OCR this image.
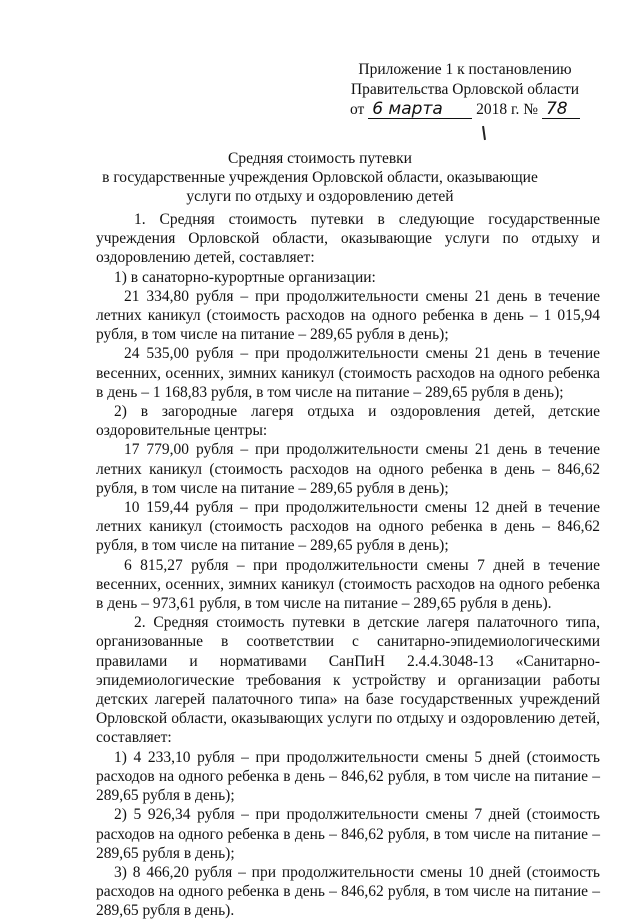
Приложение 1 к постановлению
Правительства Орловской области
от 6 марта 2018 г. № 78
Средняя стоимость путевки
в государственные учреждения Орловской области, оказывающие
услуги по отдыху и оздоровлению детей

1. Средняя стоимость путевки в следующие государственные учреждения Орловской области, оказывающие услуги по отдыху и оздоровлению детей, составляет:

1) в санаторно-курортные организации:

21 334,80 рубля – при продолжительности смены 21 день в течение летних каникул (стоимость расходов на одного ребенка в день – 1 015,94 рубля, в том числе на питание – 289,65 рубля в день);

24 535,00 рубля – при продолжительности смены 21 день в течение весенних, осенних, зимних каникул (стоимость расходов на одного ребенка в день – 1 168,83 рубля, в том числе на питание – 289,65 рубля в день);

2) в загородные лагеря отдыха и оздоровления детей, детские оздоровительные центры:

17 779,00 рубля – при продолжительности смены 21 день в течение летних каникул (стоимость расходов на одного ребенка в день – 846,62 рубля, в том числе на питание – 289,65 рубля в день);

10 159,44 рубля – при продолжительности смены 12 дней в течение летних каникул (стоимость расходов на одного ребенка в день – 846,62 рубля, в том числе на питание – 289,65 рубля в день);

6 815,27 рубля – при продолжительности смены 7 дней в течение весенних, осенних, зимних каникул (стоимость расходов на одного ребенка в день – 973,61 рубля, в том числе на питание – 289,65 рубля в день).

2. Средняя стоимость путевки в детские лагеря палаточного типа, организованные в соответствии с санитарно-эпидемиологическими правилами и нормативами СанПиН 2.4.4.3048-13 «Санитарно-эпидемиологические требования к устройству и организации работы детских лагерей палаточного типа» на базе государственных учреждений Орловской области, оказывающих услуги по отдыху и оздоровлению детей, составляет:

1) 4 233,10 рубля – при продолжительности смены 5 дней (стоимость расходов на одного ребенка в день – 846,62 рубля, в том числе на питание – 289,65 рубля в день);

2) 5 926,34 рубля – при продолжительности смены 7 дней (стоимость расходов на одного ребенка в день – 846,62 рубля, в том числе на питание – 289,65 рубля в день);

3) 8 466,20 рубля – при продолжительности смены 10 дней (стоимость расходов на одного ребенка в день – 846,62 рубля, в том числе на питание – 289,65 рубля в день).
